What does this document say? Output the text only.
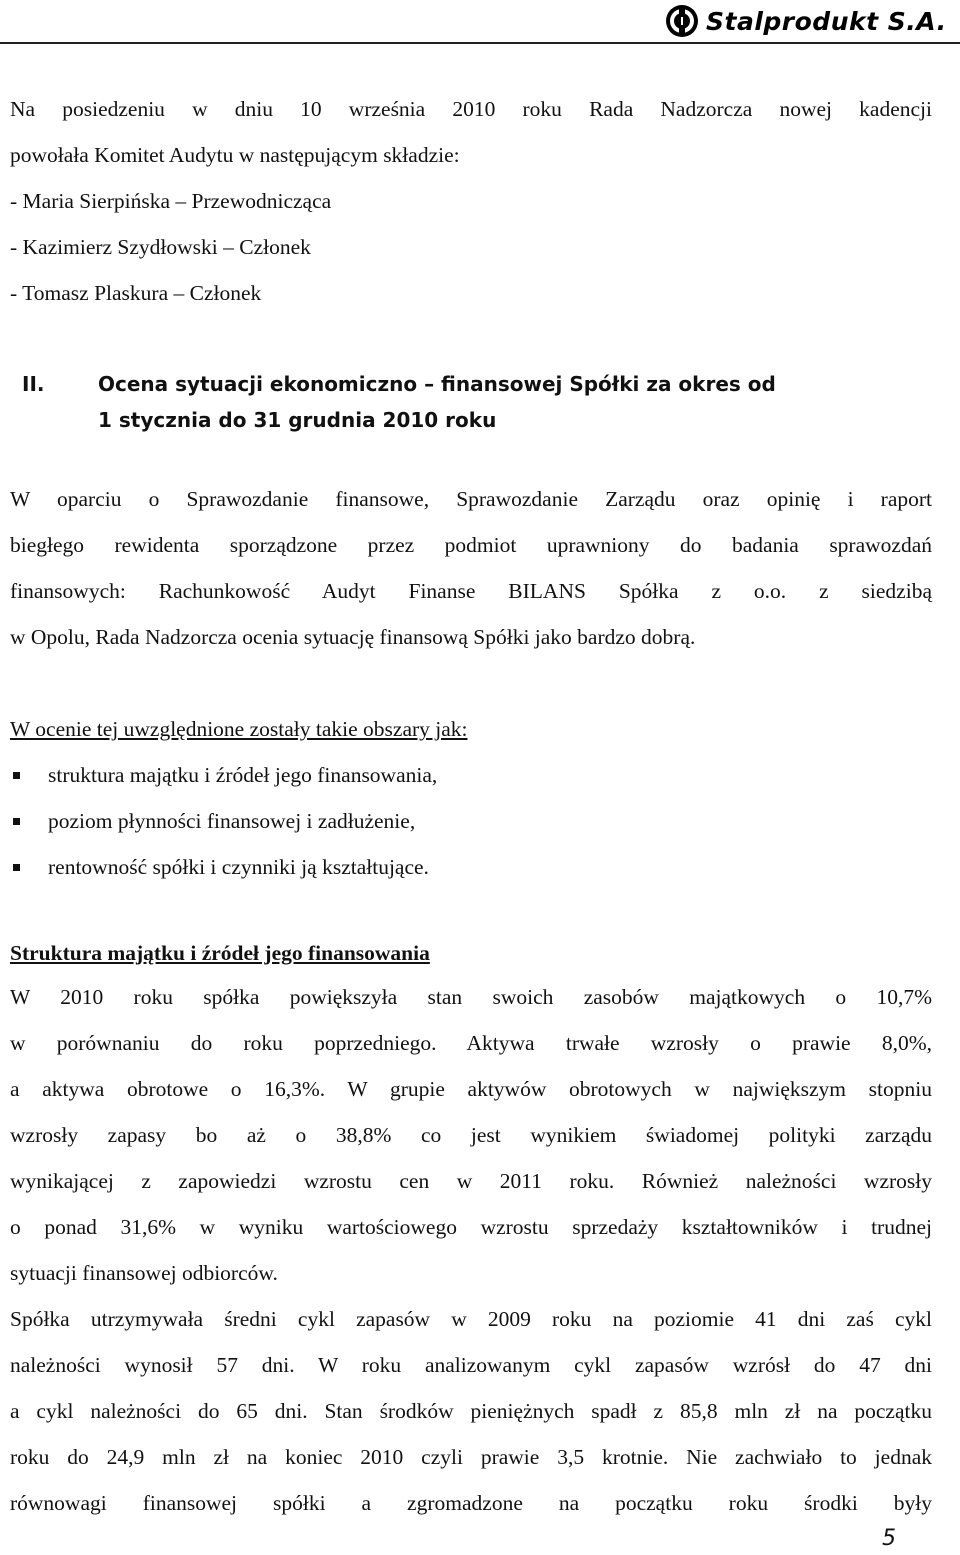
Stalprodukt S.A.
Na posiedzeniu w dniu 10 września 2010 roku Rada Nadzorcza nowej kadencji
powołała Komitet Audytu w następującym składzie:
- Maria Sierpińska – Przewodnicząca
- Kazimierz Szydłowski – Członek
- Tomasz Plaskura – Członek
II.	Ocena sytuacji ekonomiczno – finansowej Spółki za okres od
1 stycznia do 31 grudnia 2010 roku
W oparciu o Sprawozdanie finansowe, Sprawozdanie Zarządu oraz opinię i raport
biegłego rewidenta sporządzone przez podmiot uprawniony do badania sprawozdań
finansowych: Rachunkowość Audyt Finanse BILANS Spółka z o.o. z siedzibą
w Opolu, Rada Nadzorcza ocenia sytuację finansową Spółki jako bardzo dobrą.
W ocenie tej uwzględnione zostały takie obszary jak:
struktura majątku i źródeł jego finansowania,
poziom płynności finansowej i zadłużenie,
rentowność spółki i czynniki ją kształtujące.
Struktura majątku i źródeł jego finansowania
W 2010 roku spółka powiększyła stan swoich zasobów majątkowych o 10,7%
w porównaniu do roku poprzedniego. Aktywa trwałe wzrosły o prawie 8,0%,
a aktywa obrotowe o 16,3%. W grupie aktywów obrotowych w największym stopniu
wzrosły zapasy bo aż o 38,8% co jest wynikiem świadomej polityki zarządu
wynikającej z zapowiedzi wzrostu cen w 2011 roku. Również należności wzrosły
o ponad 31,6% w wyniku wartościowego wzrostu sprzedaży kształtowników i trudnej
sytuacji finansowej odbiorców.
Spółka utrzymywała średni cykl zapasów w 2009 roku na poziomie 41 dni zaś cykl
należności wynosił 57 dni. W roku analizowanym cykl zapasów wzrósł do 47 dni
a cykl należności do 65 dni. Stan środków pieniężnych spadł z 85,8 mln zł na początku
roku do 24,9 mln zł na koniec 2010 czyli prawie 3,5 krotnie. Nie zachwiało to jednak
równowagi finansowej spółki a zgromadzone na początku roku środki były
5
